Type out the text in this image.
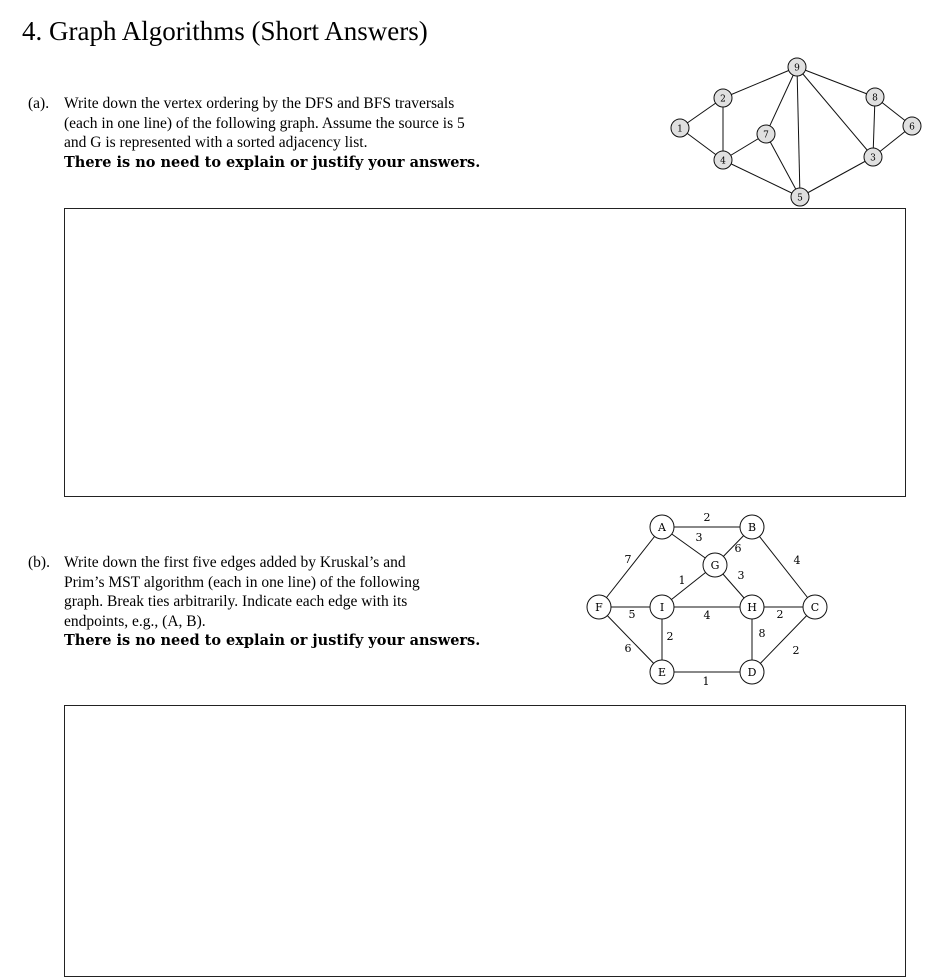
4. Graph Algorithms (Short Answers)
(a). Write down the vertex ordering by the DFS and BFS traversals
(each in one line) of the following graph. Assume the source is 5
and G is represented with a sorted adjacency list.
There is no need to explain or justify your answers.
1
2
3
4
5
6
7
8
9
(b). Write down the first five edges added by Kruskal’s and
Prim’s MST algorithm (each in one line) of the following
graph. Break ties arbitrarily. Indicate each edge with its
endpoints, e.g., (A, B).
There is no need to explain or justify your answers.
2
3
6
3
1
4
7
5
6
4	2
2	8
1
2
A	B
C
D
E
F
G
H
I
